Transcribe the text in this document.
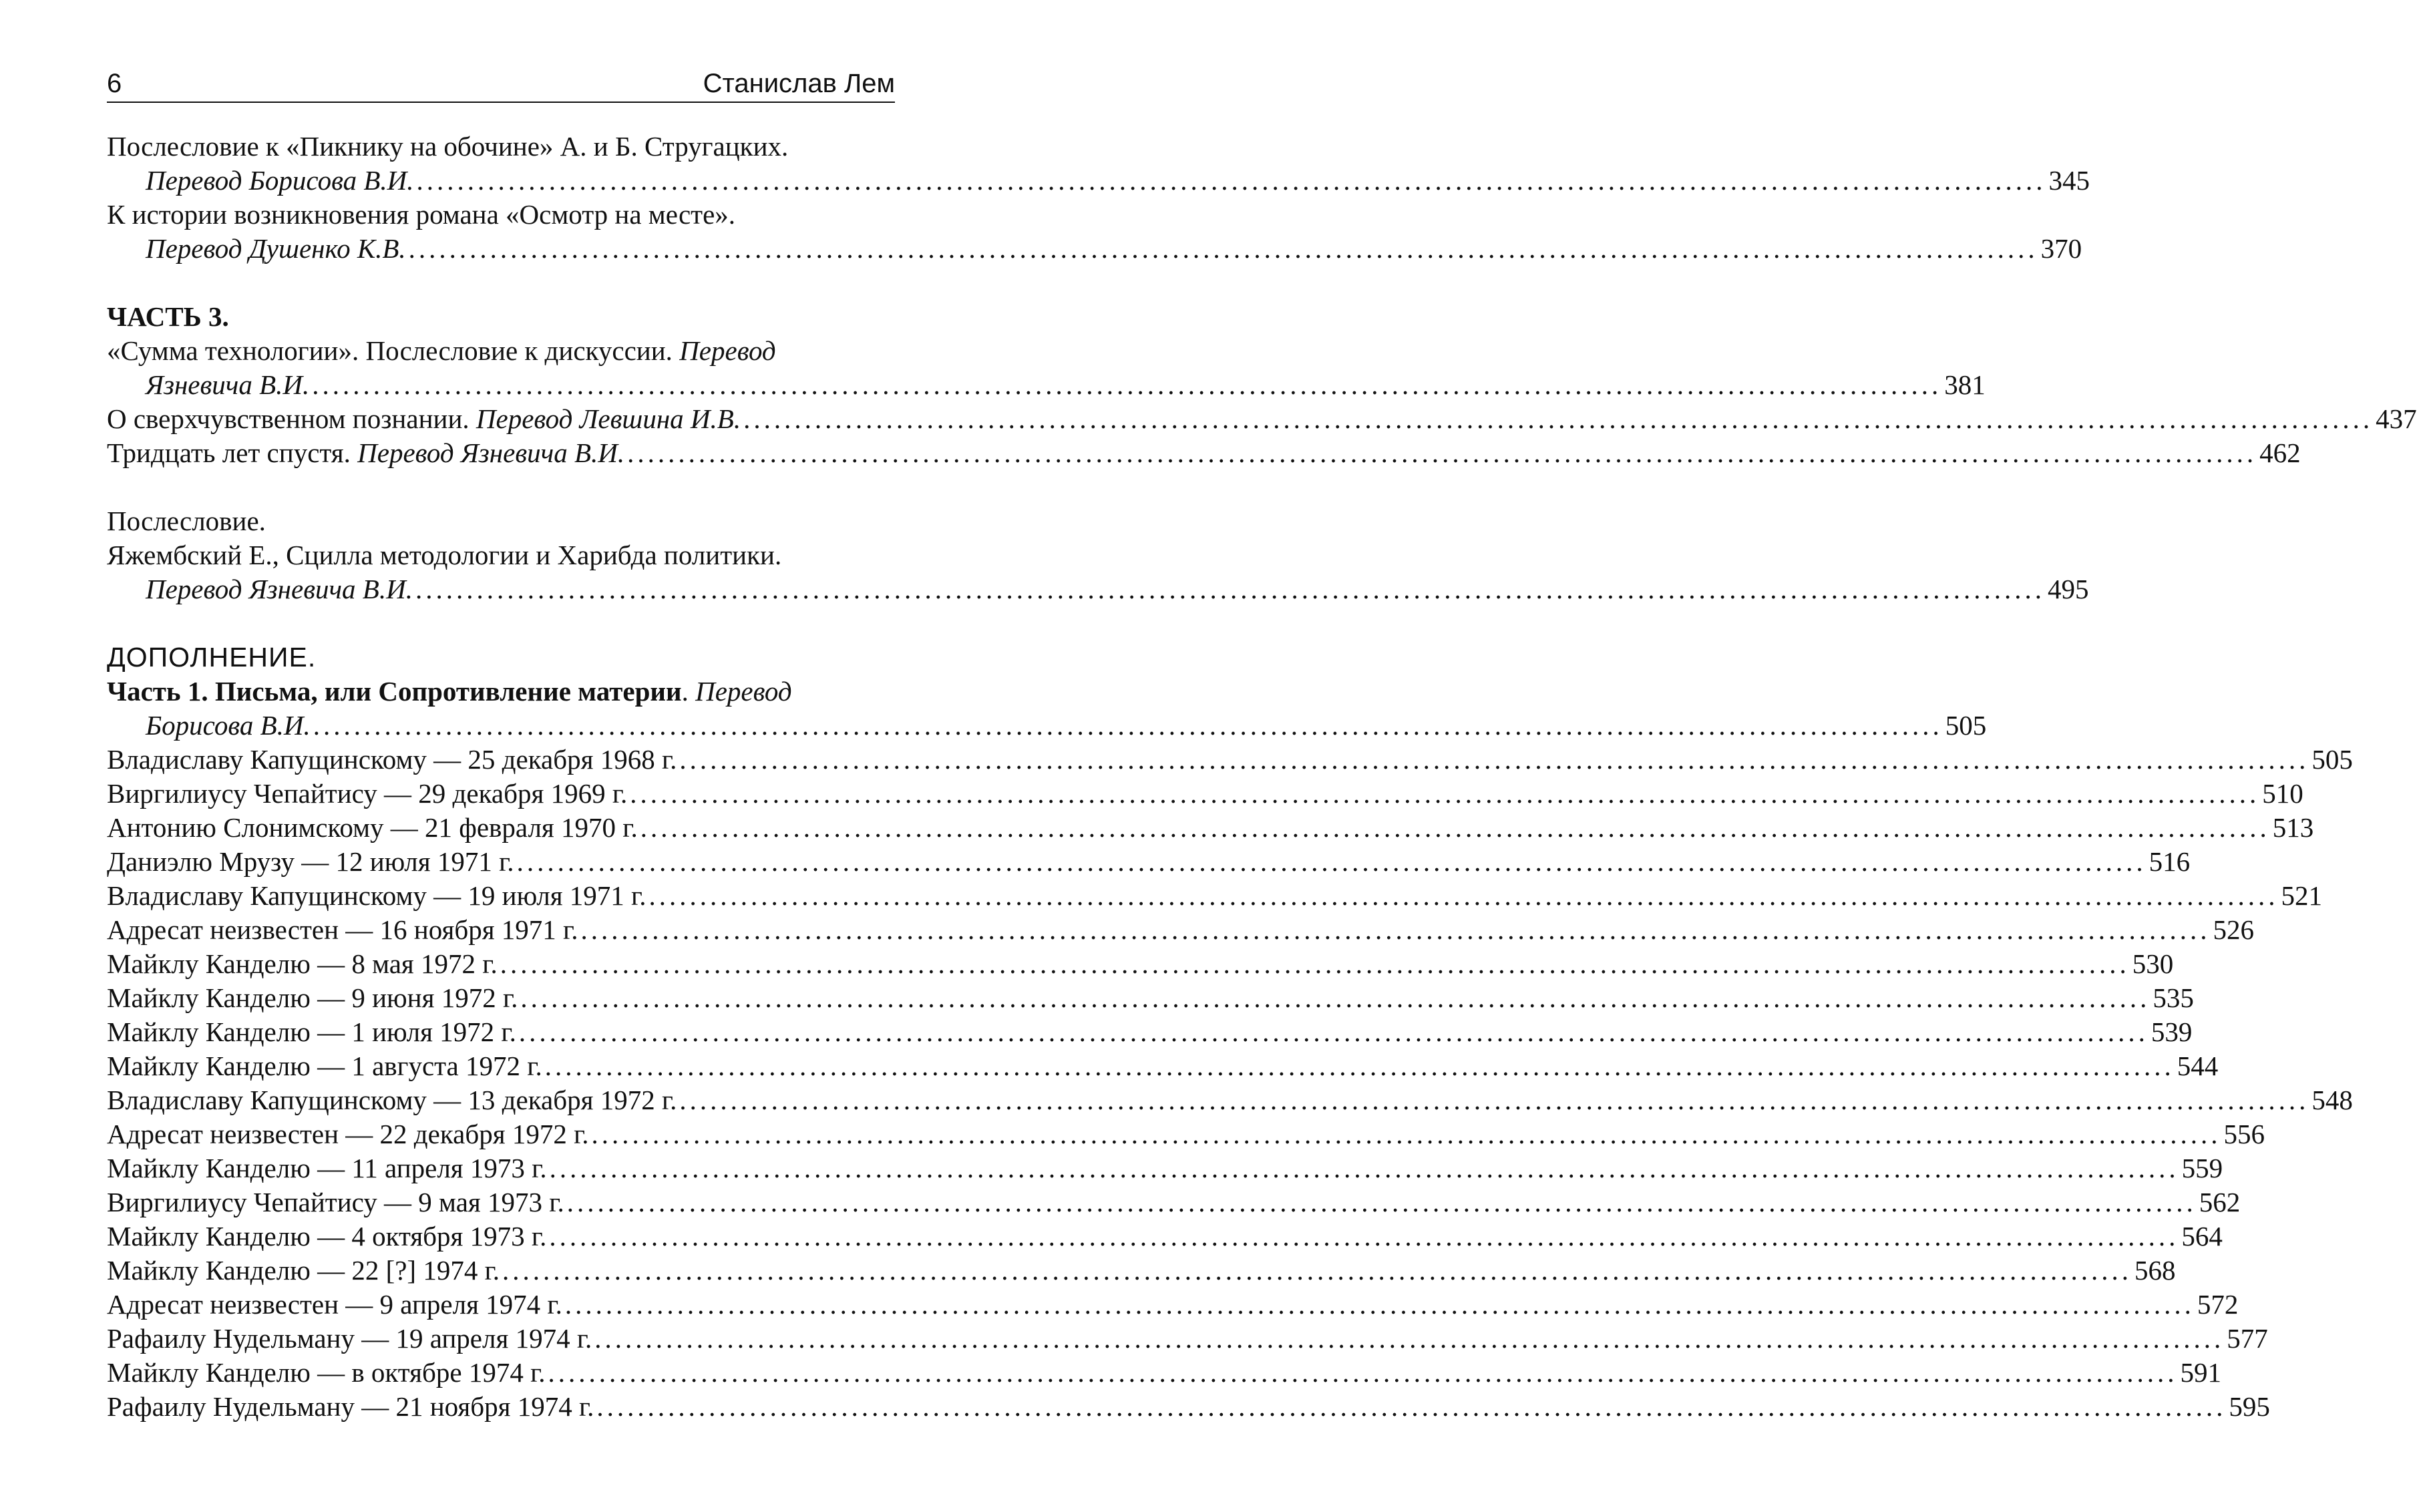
6	Станислав Лем
Послесловие к «Пикнику на обочине» А. и Б. Стругацких.
Перевод Борисова В.И. ................................................................................................................................................................ 345
К истории возникновения романа «Осмотр на месте».
Перевод Душенко К.В. ................................................................................................................................................................ 370
ЧАСТЬ 3.
«Сумма технологии». Послесловие к дискуссии. Перевод
Язневича В.И. ................................................................................................................................................................ 381
О сверхчувственном познании. Перевод Левшина И.В. ................................................................................................................................................................ 437
Тридцать лет спустя. Перевод Язневича В.И. ................................................................................................................................................................ 462
Послесловие.
Яжембский Е., Сцилла методологии и Харибда политики.
Перевод Язневича В.И. ................................................................................................................................................................ 495
ДОПОЛНЕНИЕ.
Часть 1. Письма, или Сопротивление материи. Перевод
Борисова В.И. ................................................................................................................................................................ 505
Владиславу Капущинскому — 25 декабря 1968 г. ................................................................................................................................................................ 505
Виргилиусу Чепайтису — 29 декабря 1969 г. ................................................................................................................................................................ 510
Антонию Слонимскому — 21 февраля 1970 г. ................................................................................................................................................................ 513
Даниэлю Мрузу — 12 июля 1971 г. ................................................................................................................................................................ 516
Владиславу Капущинскому — 19 июля 1971 г. ................................................................................................................................................................ 521
Адресат неизвестен — 16 ноября 1971 г. ................................................................................................................................................................ 526
Майклу Канделю — 8 мая 1972 г. ................................................................................................................................................................ 530
Майклу Канделю — 9 июня 1972 г. ................................................................................................................................................................ 535
Майклу Канделю — 1 июля 1972 г. ................................................................................................................................................................ 539
Майклу Канделю — 1 августа 1972 г. ................................................................................................................................................................ 544
Владиславу Капущинскому — 13 декабря 1972 г. ................................................................................................................................................................ 548
Адресат неизвестен — 22 декабря 1972 г. ................................................................................................................................................................ 556
Майклу Канделю — 11 апреля 1973 г. ................................................................................................................................................................ 559
Виргилиусу Чепайтису — 9 мая 1973 г. ................................................................................................................................................................ 562
Майклу Канделю — 4 октября 1973 г. ................................................................................................................................................................ 564
Майклу Канделю — 22 [?] 1974 г. ................................................................................................................................................................ 568
Адресат неизвестен — 9 апреля 1974 г. ................................................................................................................................................................ 572
Рафаилу Нудельману — 19 апреля 1974 г. ................................................................................................................................................................ 577
Майклу Канделю — в октябре 1974 г. ................................................................................................................................................................ 591
Рафаилу Нудельману — 21 ноября 1974 г. ................................................................................................................................................................ 595
